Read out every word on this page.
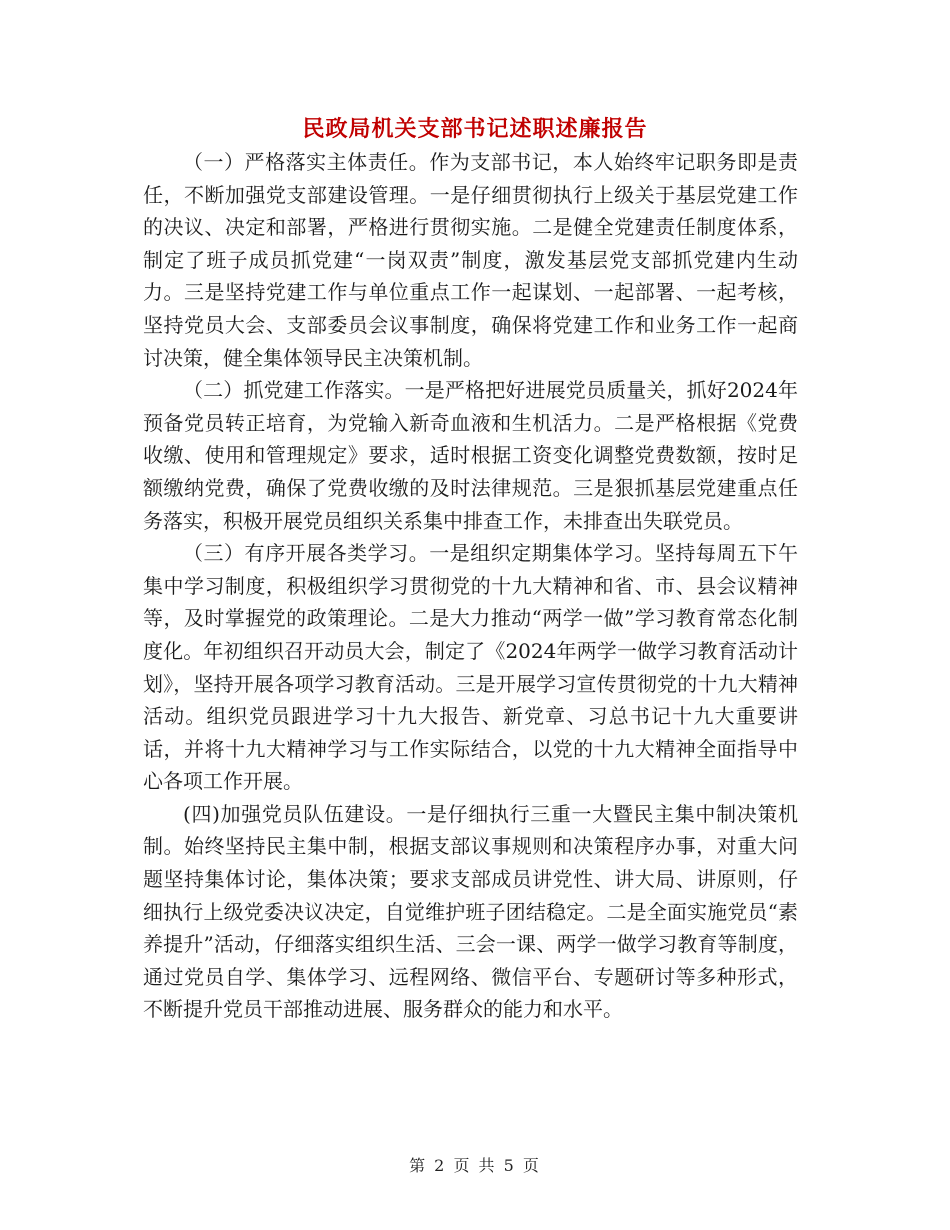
民政局机关支部书记述职述廉报告

（一）严格落实主体责任。作为支部书记，本人始终牢记职务即是责任，不断加强党支部建设管理。一是仔细贯彻执行上级关于基层党建工作的决议、决定和部署，严格进行贯彻实施。二是健全党建责任制度体系，制定了班子成员抓党建“一岗双责”制度，激发基层党支部抓党建内生动力。三是坚持党建工作与单位重点工作一起谋划、一起部署、一起考核，坚持党员大会、支部委员会议事制度，确保将党建工作和业务工作一起商讨决策，健全集体领导民主决策机制。

（二）抓党建工作落实。一是严格把好进展党员质量关，抓好2024年预备党员转正培育，为党输入新奇血液和生机活力。二是严格根据《党费收缴、使用和管理规定》要求，适时根据工资变化调整党费数额，按时足额缴纳党费，确保了党费收缴的及时法律规范。三是狠抓基层党建重点任务落实，积极开展党员组织关系集中排查工作，未排查出失联党员。

（三）有序开展各类学习。一是组织定期集体学习。坚持每周五下午集中学习制度，积极组织学习贯彻党的十九大精神和省、市、县会议精神等，及时掌握党的政策理论。二是大力推动“两学一做”学习教育常态化制度化。年初组织召开动员大会，制定了《2024年两学一做学习教育活动计划》，坚持开展各项学习教育活动。三是开展学习宣传贯彻党的十九大精神活动。组织党员跟进学习十九大报告、新党章、习总书记十九大重要讲话，并将十九大精神学习与工作实际结合，以党的十九大精神全面指导中心各项工作开展。

(四)加强党员队伍建设。一是仔细执行三重一大暨民主集中制决策机制。始终坚持民主集中制，根据支部议事规则和决策程序办事，对重大问题坚持集体讨论，集体决策；要求支部成员讲党性、讲大局、讲原则，仔细执行上级党委决议决定，自觉维护班子团结稳定。二是全面实施党员“素养提升”活动，仔细落实组织生活、三会一课、两学一做学习教育等制度，通过党员自学、集体学习、远程网络、微信平台、专题研讨等多种形式，不断提升党员干部推动进展、服务群众的能力和水平。

第 2 页 共 5 页
